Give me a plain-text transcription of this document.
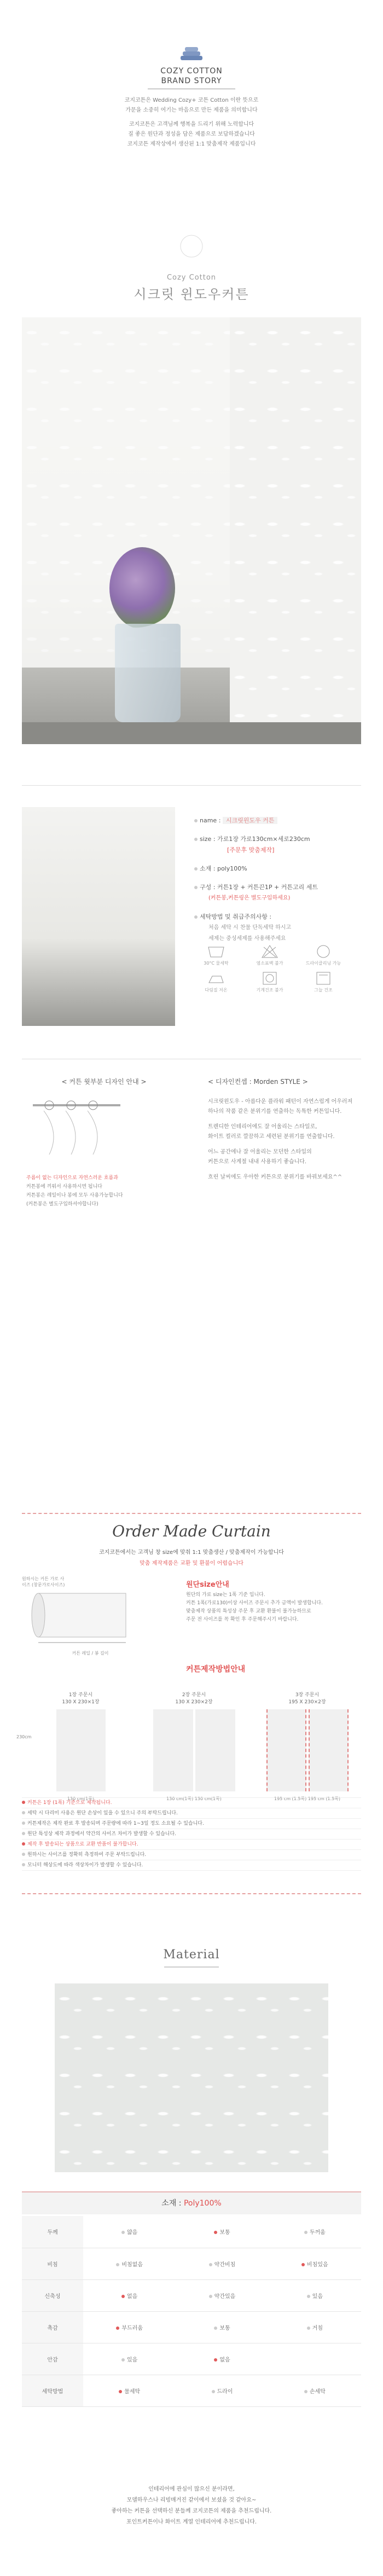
COZY COTTON
BRAND STORY
코지코튼은 Wedding Cozy+ 코튼 Cotton 이란 뜻으로
가문을 소중히 여기는 마음으로 만든 제품을 의미합니다
코지코튼은 고객님께 행복을 드리기 위해 노력합니다
질 좋은 원단과 정성을 담은 제품으로 보답하겠습니다
코지코튼 제작상에서 생산된 1:1 맞춤제작 제품입니다
Cozy Cotton
시크릿 윈도우커튼
name : 시크릿윈도우 커튼
size : 가로1장 가로130cm×세로230cm
[주문후 맞춤제작]
소재 : poly100%
구성 : 커튼1장 + 커튼끈1P + 커튼고리 세트
(커튼봉,커튼링은 별도구입하세요)
세탁방법 및 취급주의사항 :
처음 세탁 시 찬물 단독세탁 하시고
세제는 중성세제를 사용해주세요
30°C 물세탁	염소표백 불가	드라이클리닝 가능
다림질 저온	기계건조 불가	그늘 건조
< 커튼 윗부분 디자인 안내 >
주름이 없는 디자인으로 자연스러운 흐름과
커튼봉에 끼워서 사용하시면 됩니다
커튼봉은 레일이나 봉에 모두 사용가능합니다
(커튼봉은 별도구입하셔야합니다)
< 디자인컨셉 : Morden STYLE >
시크릿윈도우 - 아름다운 플라워 패턴이 자연스럽게 어우러져
하나의 작품 같은 분위기를 연출하는 독특한 커튼입니다.
트렌디한 인테리어에도 잘 어울리는 스타일로,
화이트 컬러로 깔끔하고 세련된 분위기를 연출합니다.
어느 공간에나 잘 어울리는 모던한 스타일의
커튼으로 사계절 내내 사용하기 좋습니다.
흐린 날씨에도 우아한 커튼으로 분위기를 바꿔보세요^^
Order Made Curtain
코지코튼에서는 고객님 창 size에 맞춰 1:1 맞춤생산 / 맞춤제작이 가능합니다
맞춤 제작제품은 교환 및 환불이 어렵습니다
원하시는 커튼 가로 사이즈 (창문가로사이즈)
커튼 레일 / 봉 길이
원단size안내
원단의 가로 size는 1폭 기준 입니다.
커튼 1폭(가로130)이상 사이즈 주문시 추가 금액이 발생합니다.
맞춤제작 상품의 특성상 주문 후 교환 환불이 불가능하므로
주문 전 사이즈를 꼭 확인 후 주문해주시기 바랍니다.
커튼제작방법안내
1장 주문시
130 X 230×1장
130 cm(1폭)
2장 주문시
130 X 230×2장
130 cm(1폭) 130 cm(1폭)
3장 주문시
195 X 230×2장
195 cm (1.5폭) 195 cm (1.5폭)
230cm
커튼은 1장 (1폭) 기준으로 제작됩니다.
세탁 시 다리미 사용은 원단 손상이 있을 수 있으니 주의 부탁드립니다.
커튼제작은 제작 완료 후 발송되며 주문량에 따라 1~3일 정도 소요될 수 있습니다.
원단 특성상 제작 과정에서 약간의 사이즈 차이가 발생할 수 있습니다.
제작 후 발송되는 상품으로 교환 반품이 불가합니다.
원하시는 사이즈를 정확히 측정하여 주문 부탁드립니다.
모니터 해상도에 따라 색상차이가 발생할 수 있습니다.
Material
소재 : Poly100%
두께	얇음	보통	두꺼움
비침	비침없음	약간비침	비침있음
신축성	없음	약간있음	있음
촉감	부드러움	보통	거침
안감	있음	없음	
세탁방법	물세탁	드라이	손세탁
인테리어에 관심이 많으신 분이라면,
모델하우스나 리빙매거진 같이에서 보셨을 것 같아요~
좋아하는 커튼을 선택하신 분들께 코지코튼의 제품을 추천드립니다.
포인트커튼이나 화이트 계열 인테리어에 추천드립니다.
